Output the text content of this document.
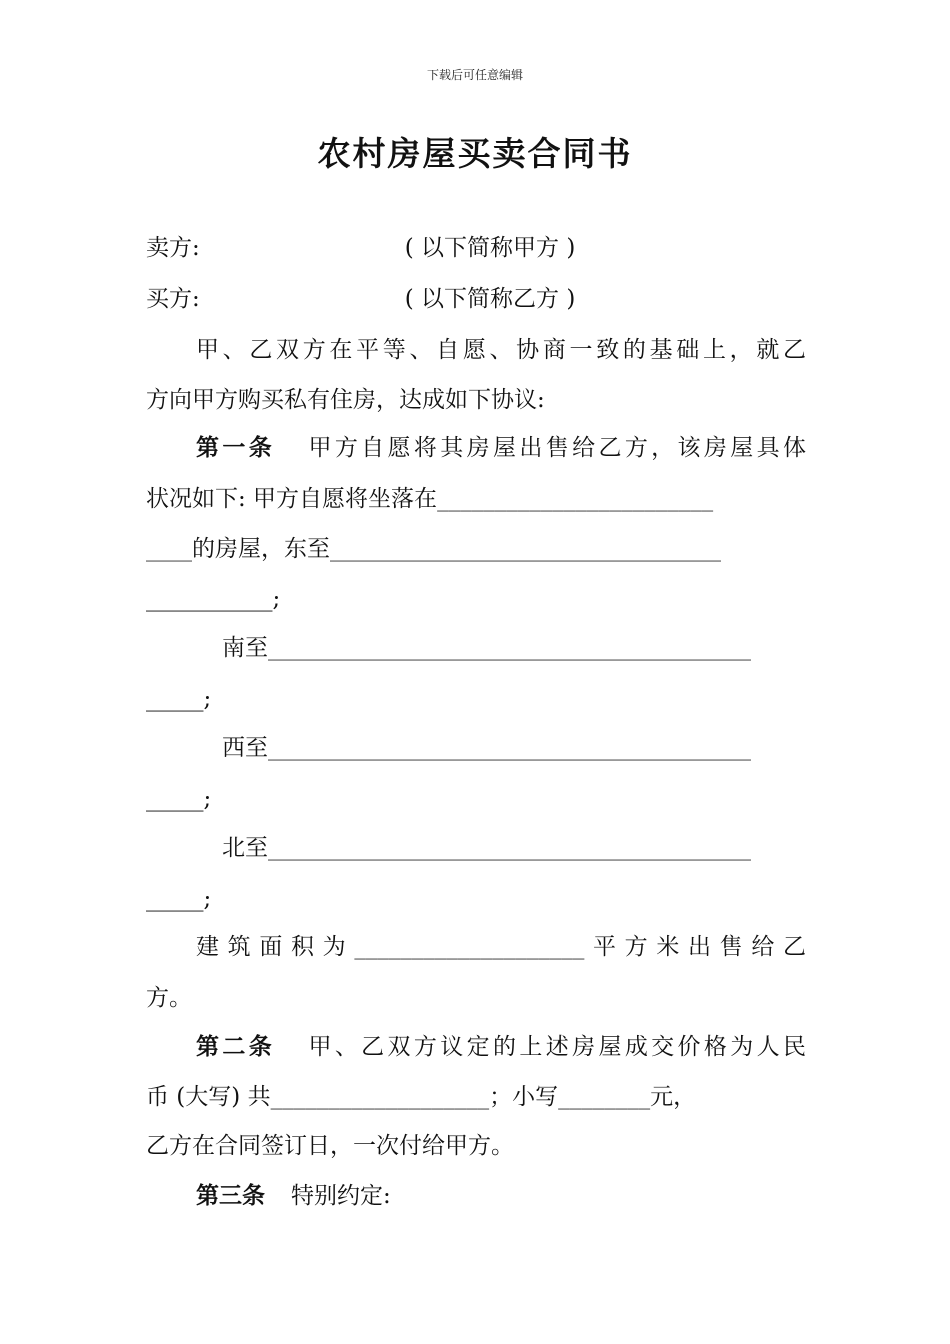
下载后可任意编辑
农村房屋买卖合同书
卖方:	( 以下简称甲方 )
买方:	( 以下简称乙方 )
甲、乙双方在平等、自愿、协商一致的基础上，就乙
方向甲方购买私有住房，达成如下协议:
第一条 甲方自愿将其房屋出售给乙方，该房屋具体
状况如下: 甲方自愿将坐落在________________________
____的房屋，东至__________________________________
___________;
南至__________________________________________
_____;
西至__________________________________________
_____;
北至__________________________________________
_____;
建筑面积为____________________平方米出售给乙
方。
第二条 甲、乙双方议定的上述房屋成交价格为人民
币 (大写) 共___________________；小写________元，
乙方在合同签订日，一次付给甲方。
第三条 特别约定:
